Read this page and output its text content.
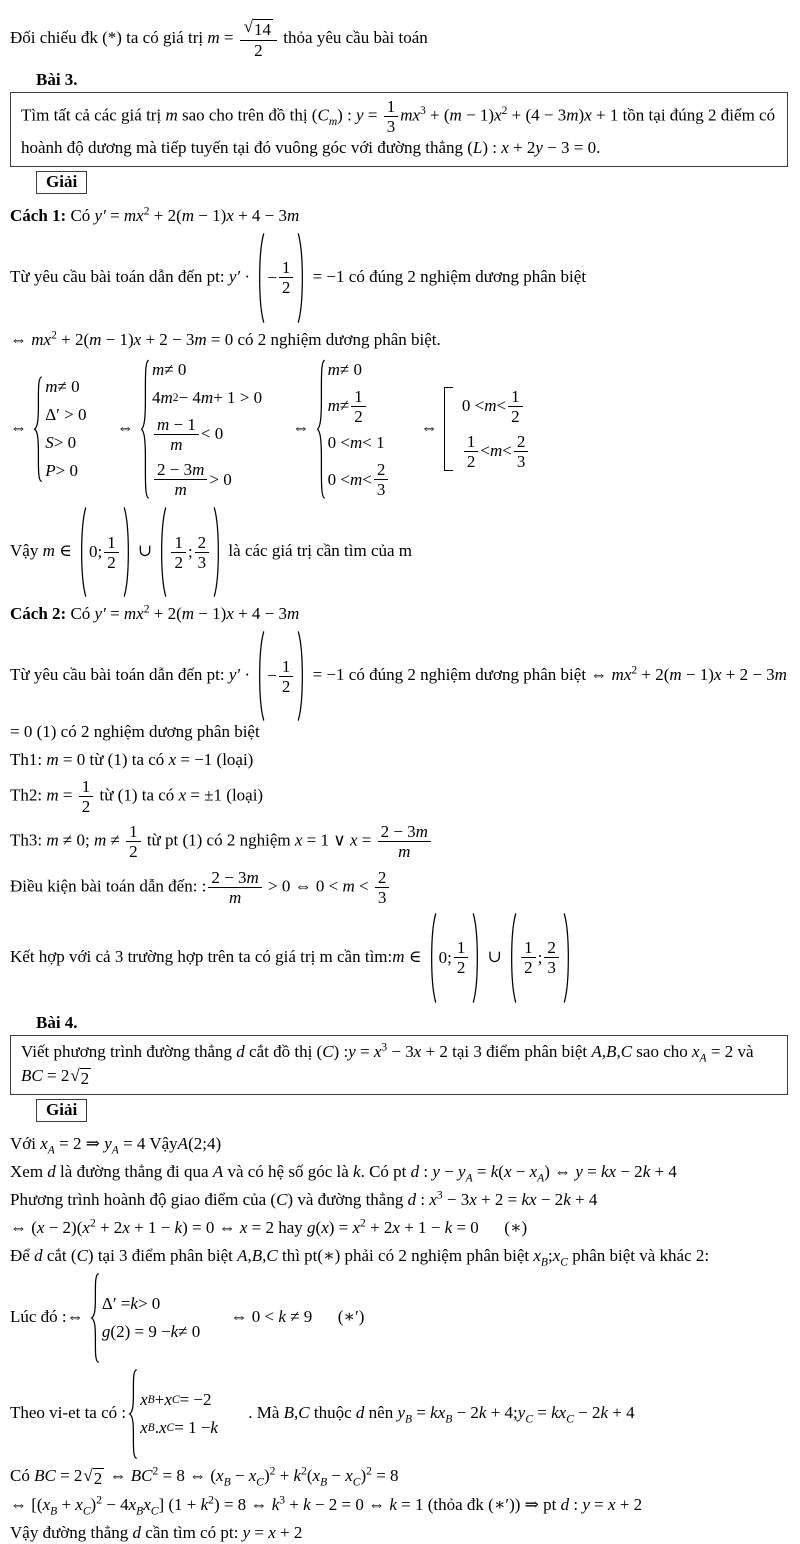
Đối chiếu đk (*) ta có giá trị $m = \frac{√ 14}{2}$ thỏa yêu cầu bài toán

Bài 3.
Tìm tất cả các giá trị m sao cho trên đồ thị $(C_m)$ : $y = \frac{1}{3} mx^3 + (m - 1)x^2 + (4 - 3m)x + 1$ tồn tại đúng 2 điểm có hoành độ dương mà tiếp tuyến tại đó vuông góc với đường thẳng (L) : x + 2y − 3 = 0.
Giải

Cách 1: Có $y' = mx^2 + 2(m - 1)x + 4 - 3m$

Từ yêu cầu bài toán dẫn đến pt: y′ · − $\frac{1}{2} = -1$ có đúng 2 nghiệm dương phân biệt

⇔ $mx^2 + 2(m - 1)x + 2 - 3m = 0$ có 2 nghiệm dương phân biệt.

⇔
m ≠ 0
Δ′ > 0
S > 0
P > 0
⇔
m ≠ 0
4 m 2 − 4 m + 1 > 0
$\frac{m - 1}{m} < 0$
$\frac{2 - 3m}{m} > 0$
⇔
m ≠ 0
$m \ne \frac{1}{2}$
0 < m < 1
$0 < m < \frac{2}{3}$
⇔
$0 < m < \frac{1}{2}$
$\frac{1}{2} < m < \frac{2}{3}$

Vậy m ∈ 0; $\frac{1}{2}$ ∪ $\frac{1}{2}$ ; $\frac{2}{3}$ là các giá trị cần tìm của m

Cách 2: Có $y' = mx^2 + 2(m - 1)x + 4 - 3m$

Từ yêu cầu bài toán dẫn đến pt: y′ · − $\frac{1}{2} = -1$ có đúng 2 nghiệm dương phân biệt ⇔ $mx^2 + 2(m - 1)x + 2 - 3m = 0$ (1) có 2 nghiệm dương phân biệt

Th1: m = 0 từ (1) ta có x = −1 (loại)

Th2: $m = \frac{1}{2}$ từ (1) ta có x = ±1 (loại)

Th3: m ≠ 0; $m \ne \frac{1}{2}$ từ pt (1) có 2 nghiệm x = 1 ∨ $x = \frac{2 - 3m}{m}$

Điều kiện bài toán dẫn đến: : $\frac{2 - 3m}{m} > 0$ ⇔ $0 < m < \frac{2}{3}$

Kết hợp với cả 3 trường hợp trên ta có giá trị m cần tìm:m ∈ 0; $\frac{1}{2}$ ∪ $\frac{1}{2}$ ; $\frac{2}{3}$

Bài 4.
Viết phương trình đường thẳng d cắt đồ thị (C) :y = $x^3 - 3x + 2$ tại 3 điểm phân biệt A,B,C sao cho $x_A = 2$ và BC = 2 √ 2
Giải

Với $x_A = 2$ ⇒ $y_A = 4$ VậyA(2;4)

Xem d là đường thẳng đi qua A và có hệ số góc là k. Có pt d : $y - y_A = k(x - x_A)$ ⇔ y = kx − 2k + 4

Phương trình hoành độ giao điểm của (C) và đường thẳng d : $x^3 - 3x + 2$ = kx − 2k + 4

⇔ $(x - 2)(x^2 + 2x + 1 - k) = 0$ ⇔ x = 2 hay $g(x) = x^2 + 2x + 1 - k = 0$   (∗)

Để d cắt (C) tại 3 điểm phân biệt A,B,C thì pt(∗) phải có 2 nghiệm phân biệt $x_B;x_C$ phân biệt và khác 2:

Lúc đó :⇔
Δ′ = k > 0
g (2) = 9 − k ≠ 0
⇔ 0 < k ≠ 9   (∗′)

Theo vi-et ta có :
x B + x C = −2
x B . x C = 1 − k
. Mà B,C thuộc d nên $y_B = kx_B - 2k$ + $4;y_C = kx_C - 2k + 4$

Có BC = 2 √ 2 ⇔ $BC^2 = 8$ ⇔ $(x_B - x_C)^2 + k^2(x_B - x_C)^2 = 8$

⇔ $[(x_B + x_C)^2 - 4x_Bx_C] (1 + k^2) = 8$ ⇔ $k^3 + k - 2 = 0$ ⇔ k = 1 (thỏa đk (∗′)) ⇒ pt d : y = x + 2

Vậy đường thẳng d cần tìm có pt: y = x + 2
